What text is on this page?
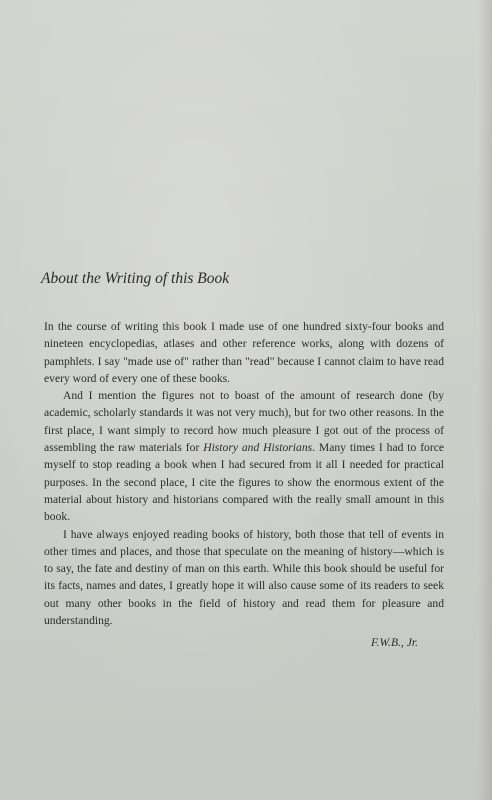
About the Writing of this Book

In the course of writing this book I made use of one hundred sixty-four books and nineteen encyclopedias, atlases and other reference works, along with dozens of pamphlets. I say "made use of" rather than "read" because I cannot claim to have read every word of every one of these books.

And I mention the figures not to boast of the amount of research done (by academic, scholarly standards it was not very much), but for two other reasons. In the first place, I want simply to record how much pleasure I got out of the process of assembling the raw materials for History and Historians. Many times I had to force myself to stop reading a book when I had secured from it all I needed for practical purposes. In the second place, I cite the figures to show the enormous extent of the material about history and historians compared with the really small amount in this book.

I have always enjoyed reading books of history, both those that tell of events in other times and places, and those that speculate on the meaning of history—which is to say, the fate and destiny of man on this earth. While this book should be useful for its facts, names and dates, I greatly hope it will also cause some of its readers to seek out many other books in the field of history and read them for pleasure and understanding.

F.W.B., Jr.
